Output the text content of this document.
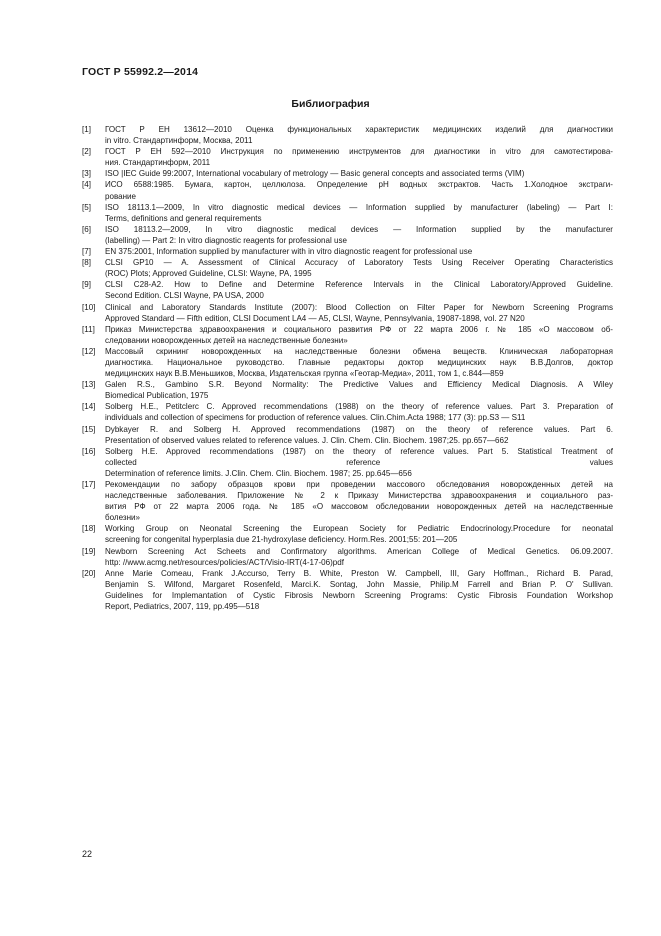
ГОСТ Р 55992.2—2014
Библиография
[1]	ГОСТ Р ЕН 13612—2010 Оценка функциональных характеристик медицинских изделий для диагностики
in vitro. Стандартинформ, Москва, 2011
[2]	ГОСТ Р ЕН 592—2010 Инструкция по применению инструментов для диагностики in vitro для самотестирова-
ния. Стандартинформ, 2011
[3]	ISO |IEC Guide 99:2007, International vocabulary of metrology — Basic general concepts and associated terms (VIM)
[4]	ИСО 6588:1985. Бумага, картон, целлюлоза. Определение рН водных экстрактов. Часть 1.Холодное экстраги-
рование
[5]	ISO 18113.1—2009, In vitro diagnostic medical devices — Information supplied by manufacturer (labeling) — Part I:
Terms, definitions and general requirements
[6]	ISO 18113.2—2009, In vitro diagnostic medical devices — Information supplied by the manufacturer
(labelling) — Part 2: In vitro diagnostic reagents for professional use
[7]	EN 375:2001, Information supplied by manufacturer with in vitro diagnostic reagent for professional use
[8]	CLSI GP10 — A. Assessment of Clinical Accuracy of Laboratory Tests Using Receiver Operating Characteristics
(ROC) Plots; Approved Guideline, CLSI: Wayne, PA, 1995
[9]	CLSI C28-A2. How to Define and Determine Reference Intervals in the Clinical Laboratory/Approved Guideline.
Second Edition. CLSI Wayne, PA USA, 2000
[10]	Clinical and Laboratory Standards Institute (2007): Blood Collection on Filter Paper for Newborn Screening Programs
Approved Standard — Fifth edition, CLSI Document LA4 — A5, CLSI, Wayne, Pennsylvania, 19087-1898, vol. 27 N20
[11]	Приказ Министерства здравоохранения и социального развития РФ от 22 марта 2006 г. № 185 «О массовом об-
следовании новорожденных детей на наследственные болезни»
[12]	Массовый скрининг новорожденных на наследственные болезни обмена веществ. Клиническая лабораторная
диагностика. Национальное руководство. Главные редакторы доктор медицинских наук В.В.Долгов, доктор
медицинских наук В.В.Меньшиков, Москва, Издательская группа «Геотар-Медиа», 2011, том 1, с.844—859
[13]	Galen R.S., Gambino S.R. Beyond Normality: The Predictive Values and Efficiency Medical Diagnosis. A Wiley
Biomedical Publication, 1975
[14]	Solberg H.E., Petitclerc C. Approved recommendations (1988) on the theory of reference values. Part 3. Preparation of
individuals and collection of specimens for production of reference values. Clin.Chim.Acta 1988; 177 (3): pp.S3 — S11
[15]	Dybkayer R. and Solberg H. Approved recommendations (1987) on the theory of reference values. Part 6.
Presentation of observed values related to reference values. J. Clin. Chem. Clin. Biochem. 1987;25. pp.657—662
[16]	Solberg H.E. Approved recommendations (1987) on the theory of reference values. Part 5. Statistical Treatment of
collected reference values
Determination of reference limits. J.Clin. Chem. Clin. Biochem. 1987; 25. pp.645—656
[17]	Рекомендации по забору образцов крови при проведении массового обследования новорожденных детей на
наследственные заболевания. Приложение № 2 к Приказу Министерства здравоохранения и социального раз-
вития РФ от 22 марта 2006 года. № 185 «О массовом обследовании новорожденных детей на наследственные
болезни»
[18]	Working Group on Neonatal Screening the European Society for Pediatric Endocrinology.Procedure for neonatal
screening for congenital hyperplasia due 21-hydroxylase deficiency. Horm.Res. 2001;55: 201—205
[19]	Newborn Screening Act Scheets and Confirmatory algorithms. American College of Medical Genetics. 06.09.2007.
http: //www.acmg.net/resources/policies/ACT/Visio-IRT(4-17-06)pdf
[20]	Anne Marie Comeau, Frank J.Accurso, Terry B. White, Preston W. Campbell, III, Gary Hoffman., Richard B. Parad,
Benjamin S. Wilfond, Margaret Rosenfeld, Marci.K. Sontag, John Massie, Philip.M Farrell and Brian P. O' Sullivan.
Guidelines for Implemantation of Cystic Fibrosis Newborn Screening Programs: Cystic Fibrosis Foundation Workshop
Report, Pediatrics, 2007, 119, pp.495—518
22
